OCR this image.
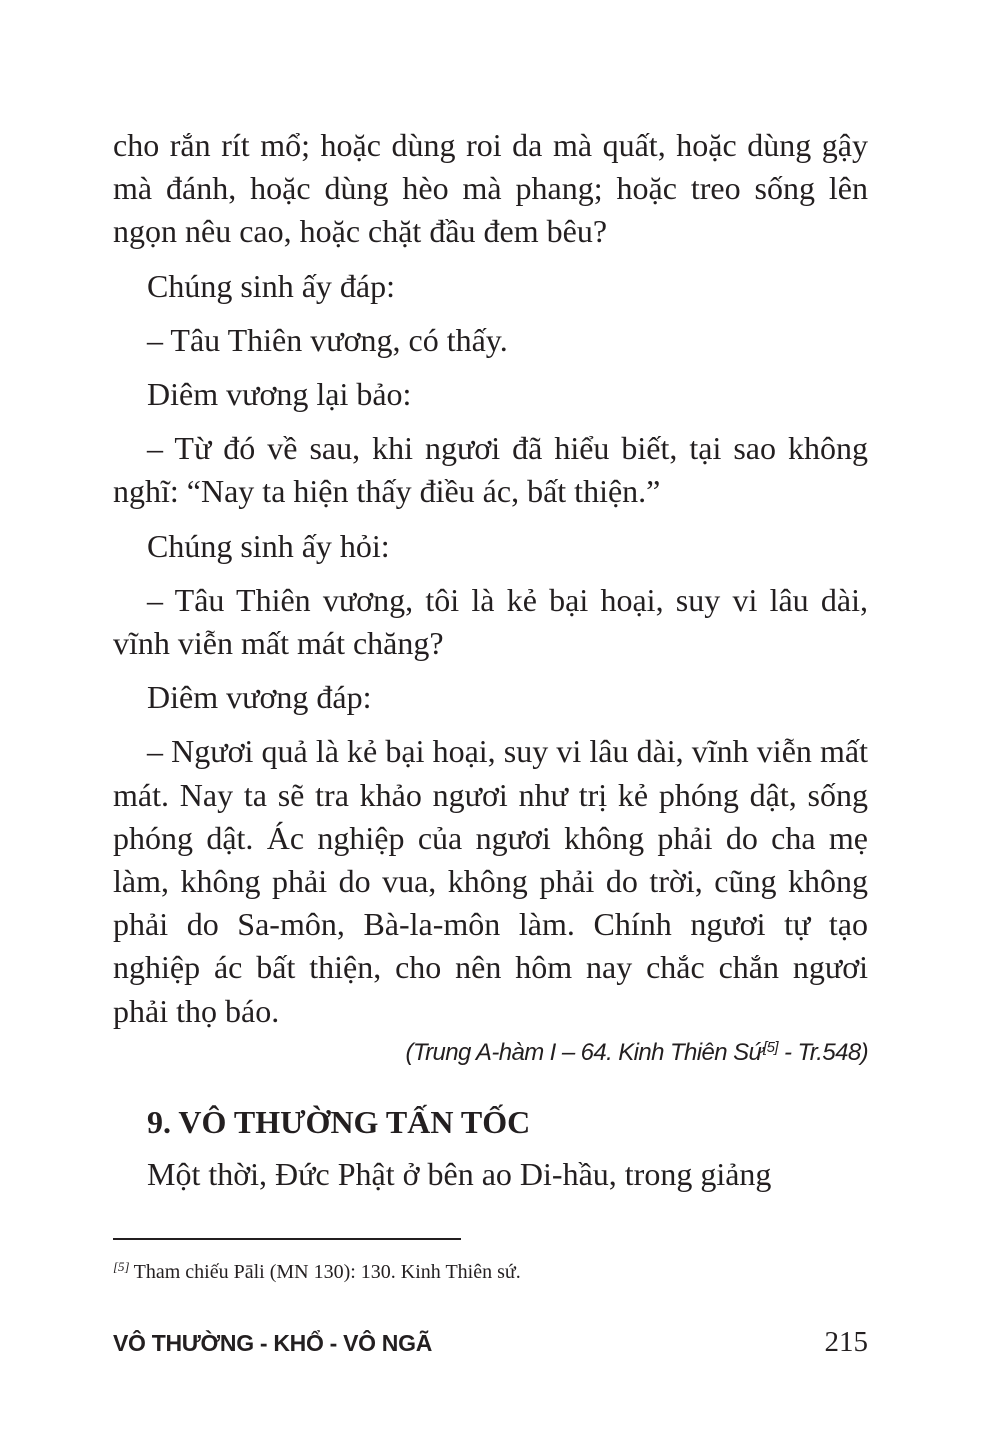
cho rắn rít mổ; hoặc dùng roi da mà quất, hoặc dùng gậy mà đánh, hoặc dùng hèo mà phang; hoặc treo sống lên ngọn nêu cao, hoặc chặt đầu đem bêu?

Chúng sinh ấy đáp:

– Tâu Thiên vương, có thấy.

Diêm vương lại bảo:

– Từ đó về sau, khi ngươi đã hiểu biết, tại sao không nghĩ: “Nay ta hiện thấy điều ác, bất thiện.”

Chúng sinh ấy hỏi:

– Tâu Thiên vương, tôi là kẻ bại hoại, suy vi lâu dài, vĩnh viễn mất mát chăng?

Diêm vương đáp:

– Ngươi quả là kẻ bại hoại, suy vi lâu dài, vĩnh viễn mất mát. Nay ta sẽ tra khảo ngươi như trị kẻ phóng dật, sống phóng dật. Ác nghiệp của ngươi không phải do cha mẹ làm, không phải do vua, không phải do trời, cũng không phải do Sa-môn, Bà-la-môn làm. Chính ngươi tự tạo nghiệp ác bất thiện, cho nên hôm nay chắc chắn ngươi phải thọ báo.

(Trung A-hàm I – 64. Kinh Thiên Sứ[5] - Tr.548)

9. VÔ THƯỜNG TẤN TỐC

Một thời, Đức Phật ở bên ao Di-hầu, trong giảng

[5] Tham chiếu Pāli (MN 130): 130. Kinh Thiên sứ.
VÔ THƯỜNG - KHỔ - VÔ NGÃ	215
